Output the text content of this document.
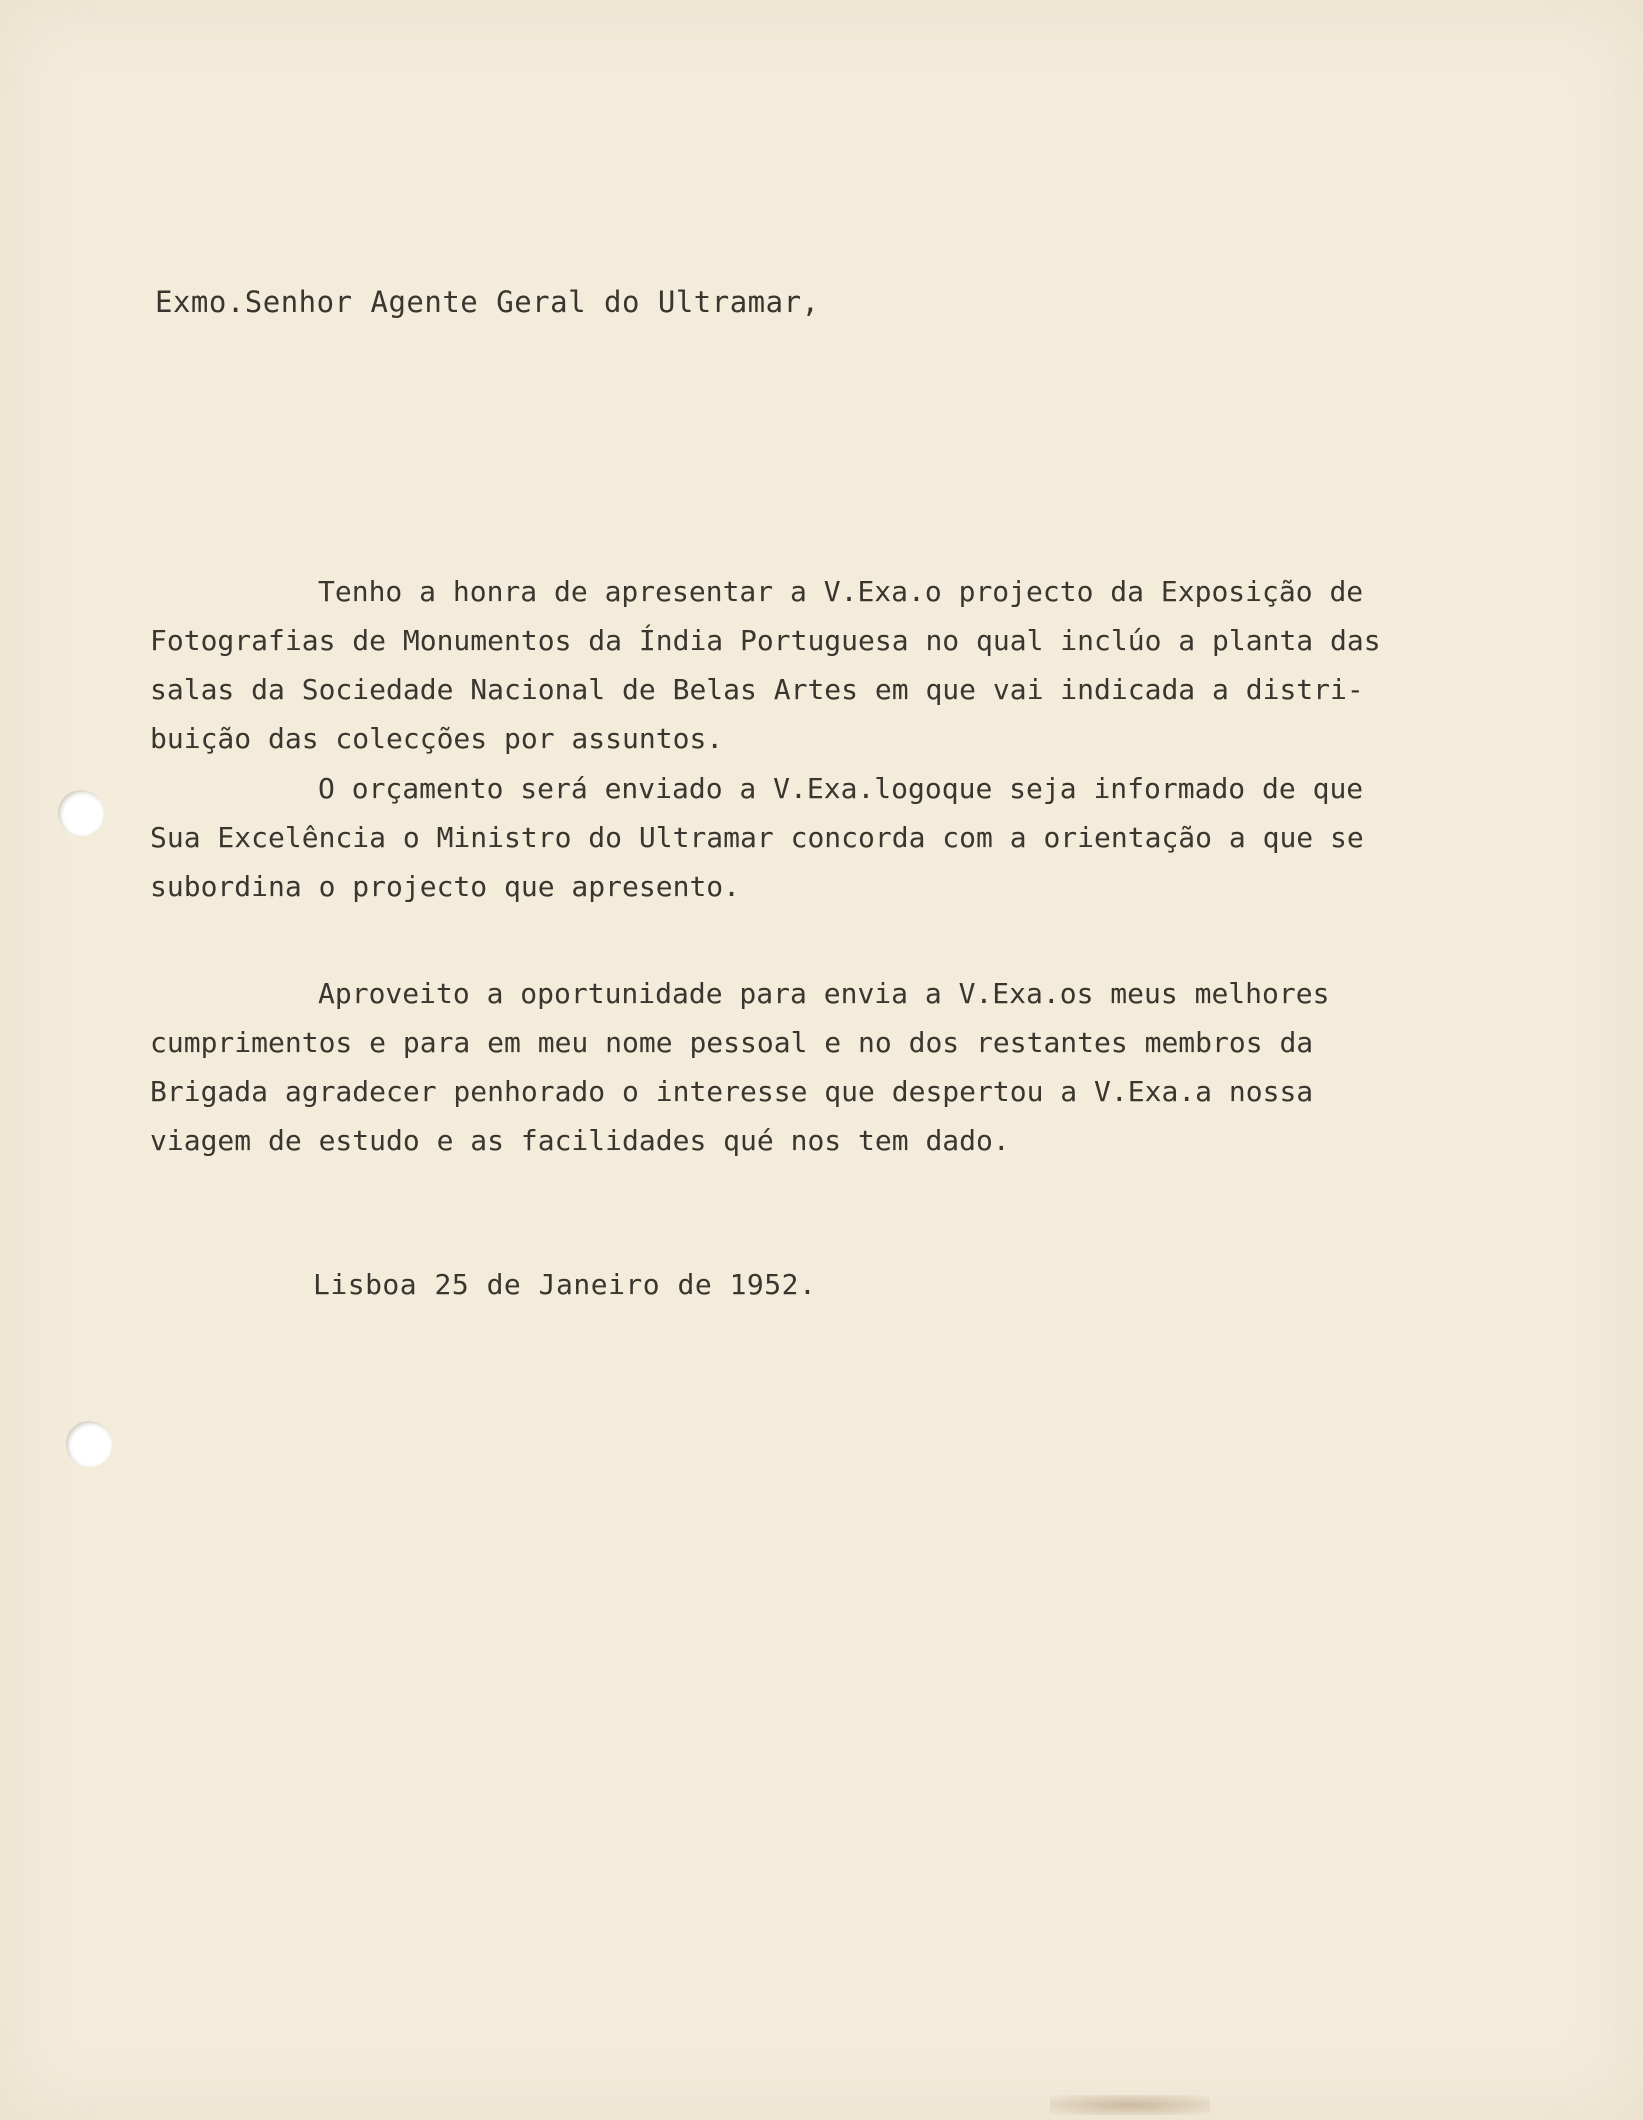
Exmo.Senhor Agente Geral do Ultramar,
Tenho a honra de apresentar a V.Exa.o projecto da Exposição de
Fotografias de Monumentos da Índia Portuguesa no qual inclúo a planta das
salas da Sociedade Nacional de Belas Artes em que vai indicada a distri-
buição das colecções por assuntos.
O orçamento será enviado a V.Exa.logoque seja informado de que
Sua Excelência o Ministro do Ultramar concorda com a orientação a que se
subordina o projecto que apresento.
Aproveito a oportunidade para envia a V.Exa.os meus melhores
cumprimentos e para em meu nome pessoal e no dos restantes membros da
Brigada agradecer penhorado o interesse que despertou a V.Exa.a nossa
viagem de estudo e as facilidades qué nos tem dado.
Lisboa 25 de Janeiro de 1952.
